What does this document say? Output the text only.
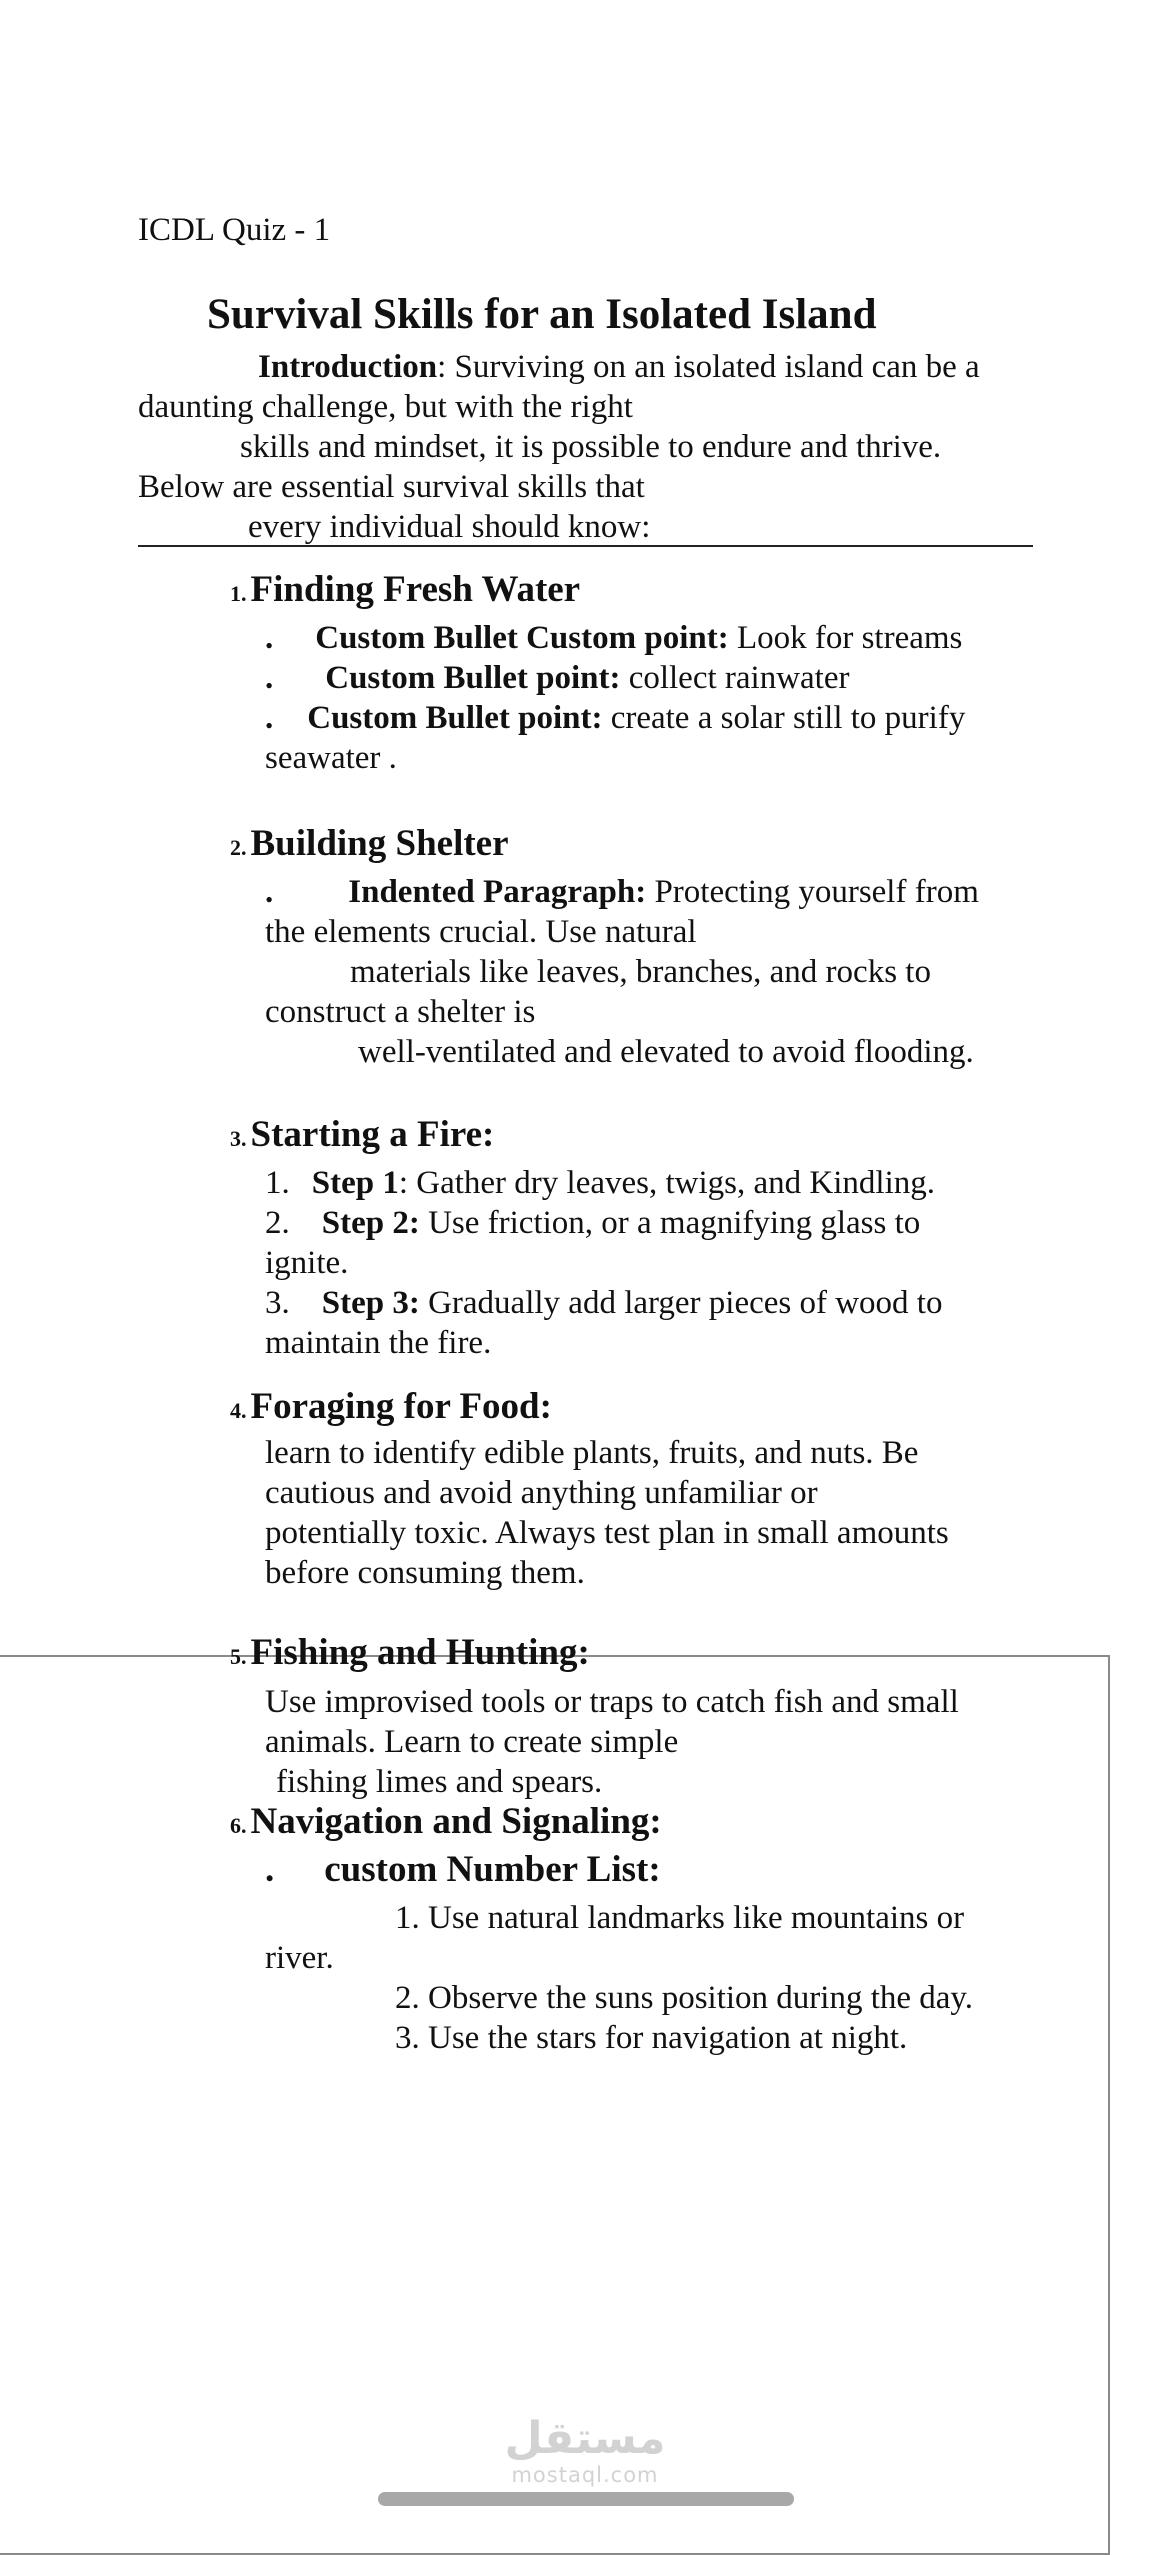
ICDL Quiz - 1
Survival Skills for an Isolated Island
Introduction: Surviving on an isolated island can be a
daunting challenge, but with the right
skills and mindset, it is possible to endure and thrive.
Below are essential survival skills that
every individual should know:
1. Finding Fresh Water
. Custom Bullet Custom point: Look for streams
. Custom Bullet point: collect rainwater
. Custom Bullet point: create a solar still to purify
seawater .
2. Building Shelter
. Indented Paragraph: Protecting yourself from
the elements crucial. Use natural
materials like leaves, branches, and rocks to
construct a shelter is
well-ventilated and elevated to avoid flooding.
3. Starting a Fire:
1. Step 1: Gather dry leaves, twigs, and Kindling.
2. Step 2: Use friction, or a magnifying glass to
ignite.
3. Step 3: Gradually add larger pieces of wood to
maintain the fire.
4. Foraging for Food:
learn to identify edible plants, fruits, and nuts. Be
cautious and avoid anything unfamiliar or
potentially toxic. Always test plan in small amounts
before consuming them.
5. Fishing and Hunting:
Use improvised tools or traps to catch fish and small
animals. Learn to create simple
fishing limes and spears.
6. Navigation and Signaling:
. custom Number List:
1. Use natural landmarks like mountains or
river.
2. Observe the suns position during the day.
3. Use the stars for navigation at night.
مستقل
mostaql.com
